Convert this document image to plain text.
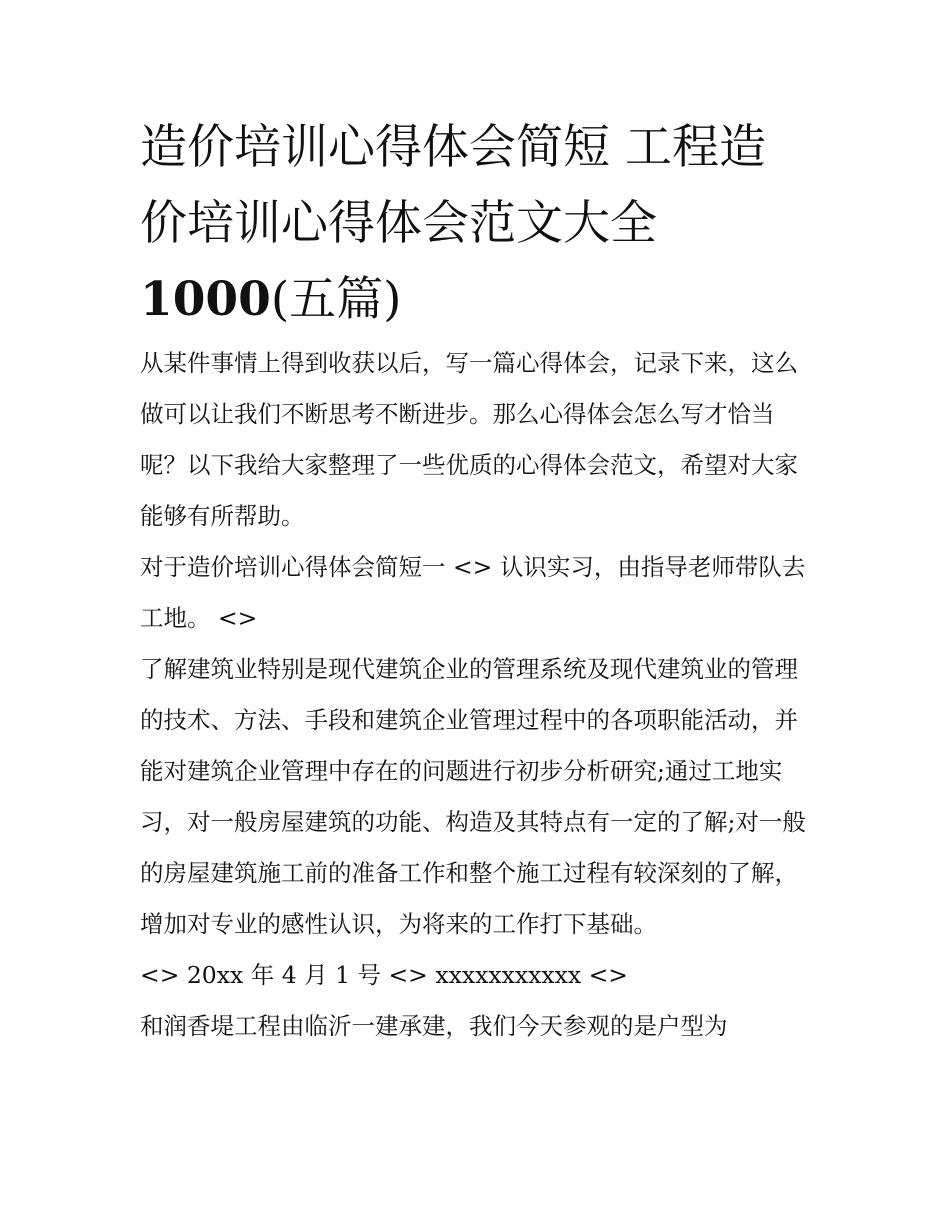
造价培训心得体会简短 工程造
价培训心得体会范文大全
1000(五篇)

从某件事情上得到收获以后，写一篇心得体会，记录下来，这么做可以让我们不断思考不断进步。那么心得体会怎么写才恰当呢？以下我给大家整理了一些优质的心得体会范文，希望对大家能够有所帮助。

对于造价培训心得体会简短一 <> 认识实习，由指导老师带队去工地。 <>

了解建筑业特别是现代建筑企业的管理系统及现代建筑业的管理的技术、方法、手段和建筑企业管理过程中的各项职能活动，并能对建筑企业管理中存在的问题进行初步分析研究;通过工地实习，对一般房屋建筑的功能、构造及其特点有一定的了解;对一般的房屋建筑施工前的准备工作和整个施工过程有较深刻的了解，增加对专业的感性认识，为将来的工作打下基础。

<> 20xx 年 4 月 1 号 <> xxxxxxxxxxx <>

和润香堤工程由临沂一建承建，我们今天参观的是户型为
